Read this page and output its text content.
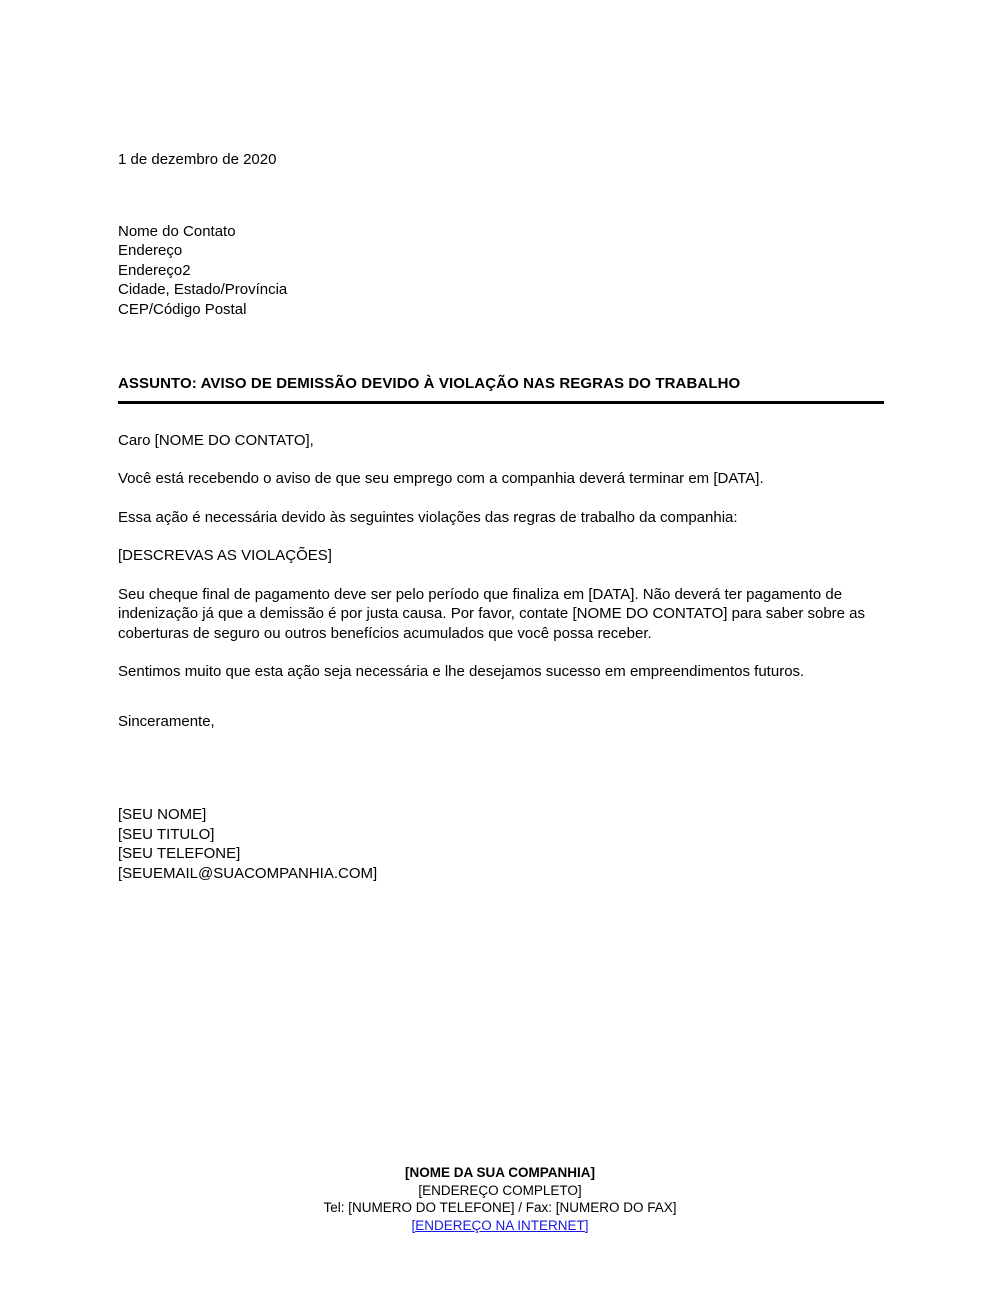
1 de dezembro de 2020
Nome do Contato
Endereço
Endereço2
Cidade, Estado/Província
CEP/Código Postal
ASSUNTO: AVISO DE DEMISSÃO DEVIDO À VIOLAÇÃO NAS REGRAS DO TRABALHO

Caro [NOME DO CONTATO],

Você está recebendo o aviso de que seu emprego com a companhia deverá terminar em [DATA].

Essa ação é necessária devido às seguintes violações das regras de trabalho da companhia:

[DESCREVAS AS VIOLAÇÕES]

Seu cheque final de pagamento deve ser pelo período que finaliza em [DATA]. Não deverá ter pagamento de indenização já que a demissão é por justa causa. Por favor, contate [NOME DO CONTATO] para saber sobre as coberturas de seguro ou outros benefícios acumulados que você possa receber.

Sentimos muito que esta ação seja necessária e lhe desejamos sucesso em empreendimentos futuros.

Sinceramente,
[SEU NOME]
[SEU TITULO]
[SEU TELEFONE]
[SEUEMAIL@SUACOMPANHIA.COM]
[NOME DA SUA COMPANHIA]
[ENDEREÇO COMPLETO]
Tel: [NUMERO DO TELEFONE] / Fax: [NUMERO DO FAX]
[ENDEREÇO NA INTERNET]
